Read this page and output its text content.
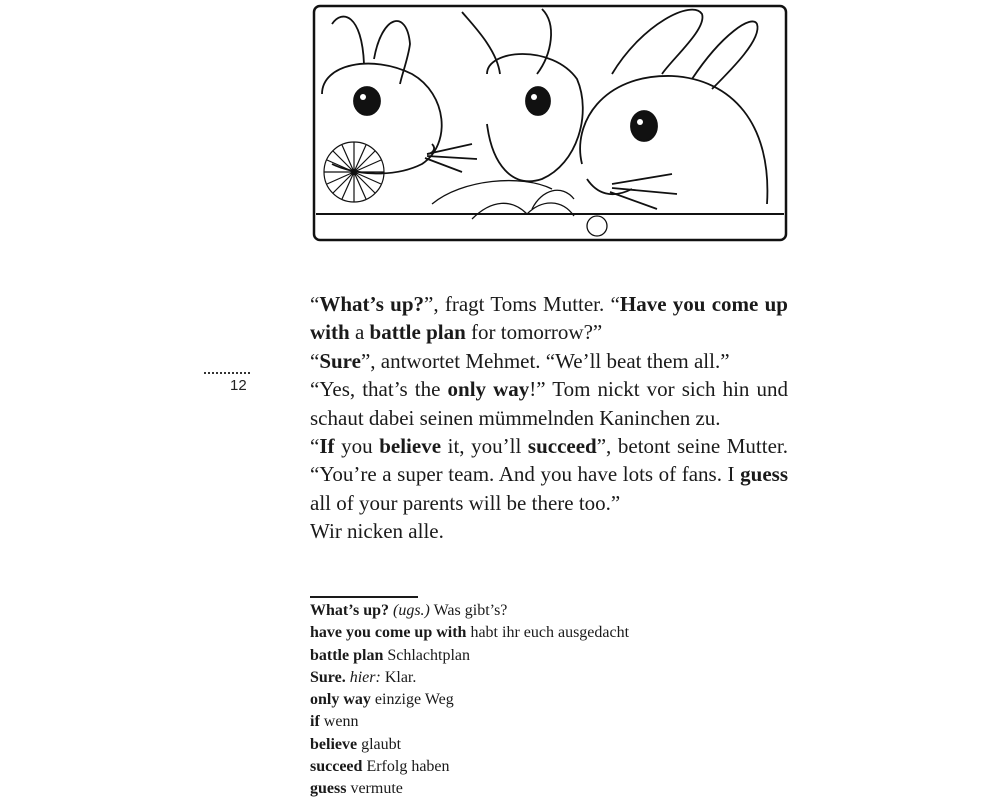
12

“What’s up?”, fragt Toms Mutter. “Have you come up with a battle plan for tomorrow?”

“Sure”, antwortet Mehmet. “We’ll beat them all.”

“Yes, that’s the only way!” Tom nickt vor sich hin und schaut dabei seinen mümmelnden Kaninchen zu.

“If you believe it, you’ll succeed”, betont seine Mutter. “You’re a super team. And you have lots of fans. I guess all of your parents will be there too.”

Wir nicken alle.

What’s up? (ugs.) Was gibt’s?
have you come up with habt ihr euch ausgedacht
battle plan Schlachtplan
Sure. hier: Klar.
only way einzige Weg
if wenn
believe glaubt
succeed Erfolg haben
guess vermute
